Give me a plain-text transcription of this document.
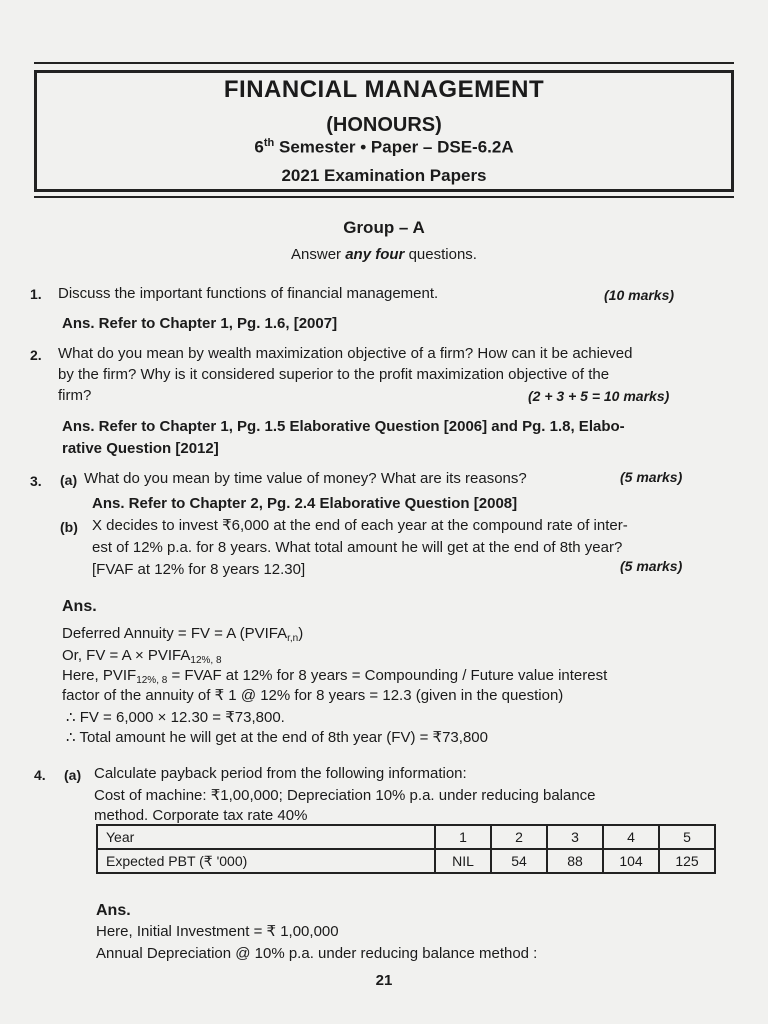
FINANCIAL MANAGEMENT
(HONOURS)
6th Semester • Paper – DSE-6.2A
2021 Examination Papers
Group – A
Answer any four questions.
1. Discuss the important functions of financial management.	(10 marks)
Ans. Refer to Chapter 1, Pg. 1.6, [2007]
2. What do you mean by wealth maximization objective of a firm? How can it be achieved
by the firm? Why is it considered superior to the profit maximization objective of the
firm?	(2 + 3 + 5 = 10 marks)
Ans. Refer to Chapter 1, Pg. 1.5 Elaborative Question [2006] and Pg. 1.8, Elabo-
rative Question [2012]
3. (a) What do you mean by time value of money? What are its reasons?	(5 marks)
Ans. Refer to Chapter 2, Pg. 2.4 Elaborative Question [2008]
(b) X decides to invest ₹6,000 at the end of each year at the compound rate of inter-
est of 12% p.a. for 8 years. What total amount he will get at the end of 8th year?
[FVAF at 12% for 8 years 12.30]	(5 marks)
Ans.
Deferred Annuity = FV = A $(PVIFA_{r,n})$
Or, FV = $A \times PVIFA_{12\%, 8}$
Here, $PVIF_{12\%, 8}$ = FVAF at 12% for 8 years = Compounding / Future value interest
factor of the annuity of ₹ 1 @ 12% for 8 years = 12.3 (given in the question)
∴ FV = 6,000 × 12.30 = ₹73,800.
∴ Total amount he will get at the end of 8th year (FV) = ₹73,800
4. (a) Calculate payback period from the following information:
Cost of machine: ₹1,00,000; Depreciation 10% p.a. under reducing balance
method. Corporate tax rate 40%
Year	1	2	3	4	5
Expected PBT (₹ '000)	NIL	54	88	104	125
Ans.
Here, Initial Investment = ₹ 1,00,000
Annual Depreciation @ 10% p.a. under reducing balance method :
21
